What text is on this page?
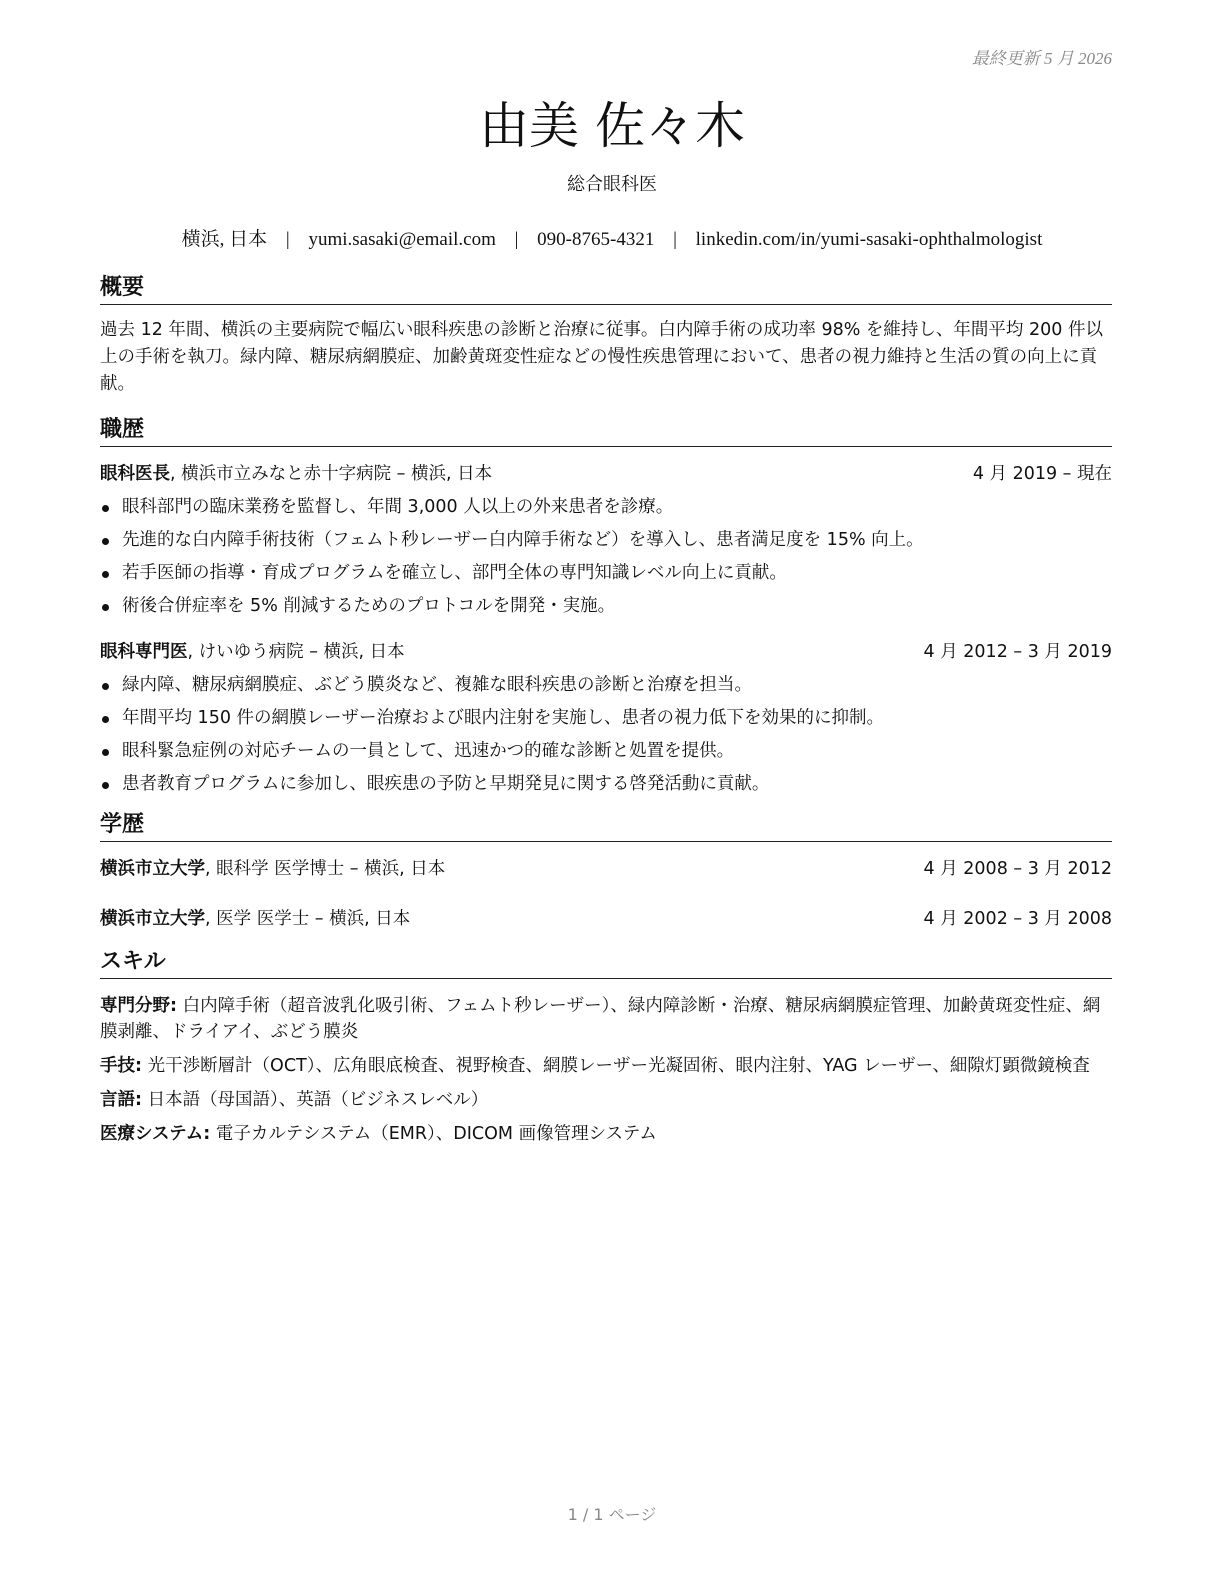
最終更新 5 月 2026
由美 佐々木
総合眼科医
横浜, 日本 | yumi.sasaki@email.com | 090-8765-4321 | linkedin.com/in/yumi-sasaki-ophthalmologist
概要
過去 12 年間、横浜の主要病院で幅広い眼科疾患の診断と治療に従事。白内障手術の成功率 98% を維持し、年間平均 200 件以上の手術を執刀。緑内障、糖尿病網膜症、加齢黄斑変性症などの慢性疾患管理において、患者の視力維持と生活の質の向上に貢献。
職歴
眼科医長, 横浜市立みなと赤十字病院 – 横浜, 日本	4 月 2019 – 現在
眼科部門の臨床業務を監督し、年間 3,000 人以上の外来患者を診療。
先進的な白内障手術技術（フェムト秒レーザー白内障手術など）を導入し、患者満足度を 15% 向上。
若手医師の指導・育成プログラムを確立し、部門全体の専門知識レベル向上に貢献。
術後合併症率を 5% 削減するためのプロトコルを開発・実施。
眼科専門医, けいゆう病院 – 横浜, 日本	4 月 2012 – 3 月 2019
緑内障、糖尿病網膜症、ぶどう膜炎など、複雑な眼科疾患の診断と治療を担当。
年間平均 150 件の網膜レーザー治療および眼内注射を実施し、患者の視力低下を効果的に抑制。
眼科緊急症例の対応チームの一員として、迅速かつ的確な診断と処置を提供。
患者教育プログラムに参加し、眼疾患の予防と早期発見に関する啓発活動に貢献。
学歴
横浜市立大学, 眼科学 医学博士 – 横浜, 日本	4 月 2008 – 3 月 2012
横浜市立大学, 医学 医学士 – 横浜, 日本	4 月 2002 – 3 月 2008
スキル
専門分野: 白内障手術（超音波乳化吸引術、フェムト秒レーザー）、緑内障診断・治療、糖尿病網膜症管理、加齢黄斑変性症、網膜剥離、ドライアイ、ぶどう膜炎
手技: 光干渉断層計（OCT）、広角眼底検査、視野検査、網膜レーザー光凝固術、眼内注射、YAG レーザー、細隙灯顕微鏡検査
言語: 日本語（母国語）、英語（ビジネスレベル）
医療システム: 電子カルテシステム（EMR）、DICOM 画像管理システム
1 / 1 ページ
